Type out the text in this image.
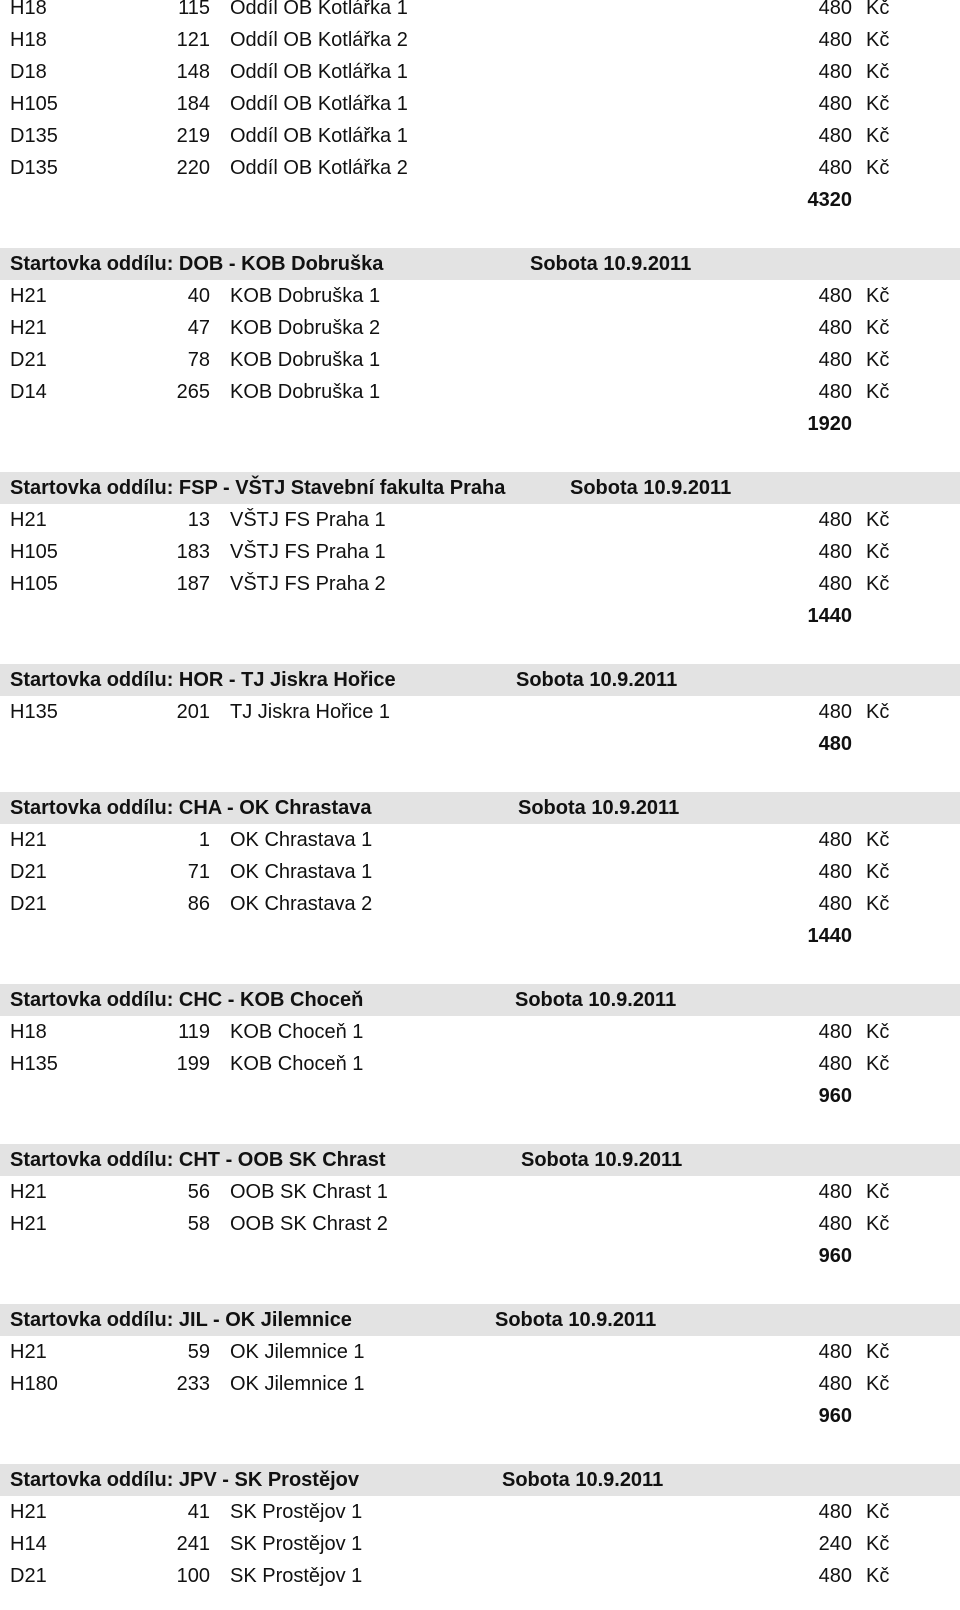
H18	115 Oddíl OB Kotlářka 1	480 Kč
H18	121 Oddíl OB Kotlářka 2	480 Kč
D18	148 Oddíl OB Kotlářka 1	480 Kč
H105	184 Oddíl OB Kotlářka 1	480 Kč
D135	219 Oddíl OB Kotlářka 1	480 Kč
D135	220 Oddíl OB Kotlářka 2	480 Kč
4320
Startovka oddílu: DOB - KOB Dobruška	Sobota 10.9.2011
H21	40 KOB Dobruška 1	480 Kč
H21	47 KOB Dobruška 2	480 Kč
D21	78 KOB Dobruška 1	480 Kč
D14	265 KOB Dobruška 1	480 Kč
1920
Startovka oddílu: FSP - VŠTJ Stavební fakulta Praha	Sobota 10.9.2011
H21	13 VŠTJ FS Praha 1	480 Kč
H105	183 VŠTJ FS Praha 1	480 Kč
H105	187 VŠTJ FS Praha 2	480 Kč
1440
Startovka oddílu: HOR - TJ Jiskra Hořice	Sobota 10.9.2011
H135	201 TJ Jiskra Hořice 1	480 Kč
480
Startovka oddílu: CHA - OK Chrastava	Sobota 10.9.2011
H21	1 OK Chrastava 1	480 Kč
D21	71 OK Chrastava 1	480 Kč
D21	86 OK Chrastava 2	480 Kč
1440
Startovka oddílu: CHC - KOB Choceň	Sobota 10.9.2011
H18	119 KOB Choceň 1	480 Kč
H135	199 KOB Choceň 1	480 Kč
960
Startovka oddílu: CHT - OOB SK Chrast	Sobota 10.9.2011
H21	56 OOB SK Chrast 1	480 Kč
H21	58 OOB SK Chrast 2	480 Kč
960
Startovka oddílu: JIL - OK Jilemnice	Sobota 10.9.2011
H21	59 OK Jilemnice 1	480 Kč
H180	233 OK Jilemnice 1	480 Kč
960
Startovka oddílu: JPV - SK Prostějov	Sobota 10.9.2011
H21	41 SK Prostějov 1	480 Kč
H14	241 SK Prostějov 1	240 Kč
D21	100 SK Prostějov 1	480 Kč
